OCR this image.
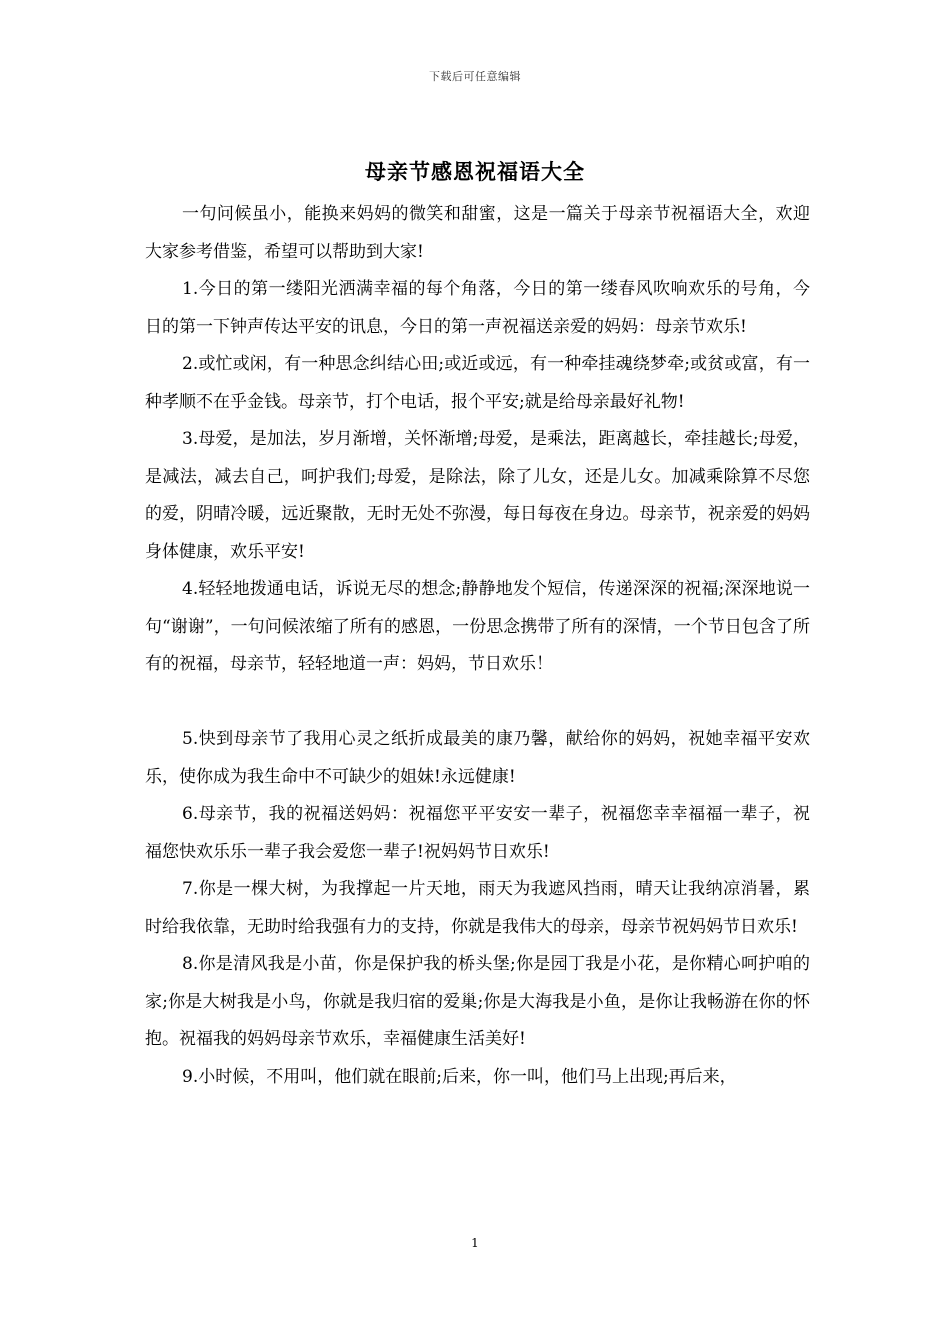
下载后可任意编辑
母亲节感恩祝福语大全

一句问候虽小，能换来妈妈的微笑和甜蜜，这是一篇关于母亲节祝福语大全，欢迎大家参考借鉴，希望可以帮助到大家!

1.今日的第一缕阳光洒满幸福的每个角落，今日的第一缕春风吹响欢乐的号角，今日的第一下钟声传达平安的讯息，今日的第一声祝福送亲爱的妈妈：母亲节欢乐!

2.或忙或闲，有一种思念纠结心田;或近或远，有一种牵挂魂绕梦牵;或贫或富，有一种孝顺不在乎金钱。母亲节，打个电话，报个平安;就是给母亲最好礼物!

3.母爱，是加法，岁月渐增，关怀渐增;母爱，是乘法，距离越长，牵挂越长;母爱，是减法，减去自己，呵护我们;母爱，是除法，除了儿女，还是儿女。加减乘除算不尽您的爱，阴晴冷暖，远近聚散，无时无处不弥漫，每日每夜在身边。母亲节，祝亲爱的妈妈身体健康，欢乐平安!

4.轻轻地拨通电话，诉说无尽的想念;静静地发个短信，传递深深的祝福;深深地说一句“谢谢”，一句问候浓缩了所有的感恩，一份思念携带了所有的深情，一个节日包含了所有的祝福，母亲节，轻轻地道一声：妈妈，节日欢乐！

5.快到母亲节了我用心灵之纸折成最美的康乃馨，献给你的妈妈，祝她幸福平安欢乐，使你成为我生命中不可缺少的姐妹!永远健康!

6.母亲节，我的祝福送妈妈：祝福您平平安安一辈子，祝福您幸幸福福一辈子，祝福您快欢乐乐一辈子我会爱您一辈子!祝妈妈节日欢乐!

7.你是一棵大树，为我撑起一片天地，雨天为我遮风挡雨，晴天让我纳凉消暑，累时给我依靠，无助时给我强有力的支持，你就是我伟大的母亲，母亲节祝妈妈节日欢乐!

8.你是清风我是小苗，你是保护我的桥头堡;你是园丁我是小花，是你精心呵护咱的家;你是大树我是小鸟，你就是我归宿的爱巢;你是大海我是小鱼，是你让我畅游在你的怀抱。祝福我的妈妈母亲节欢乐，幸福健康生活美好!

9.小时候，不用叫，他们就在眼前;后来，你一叫，他们马上出现;再后来，

1
